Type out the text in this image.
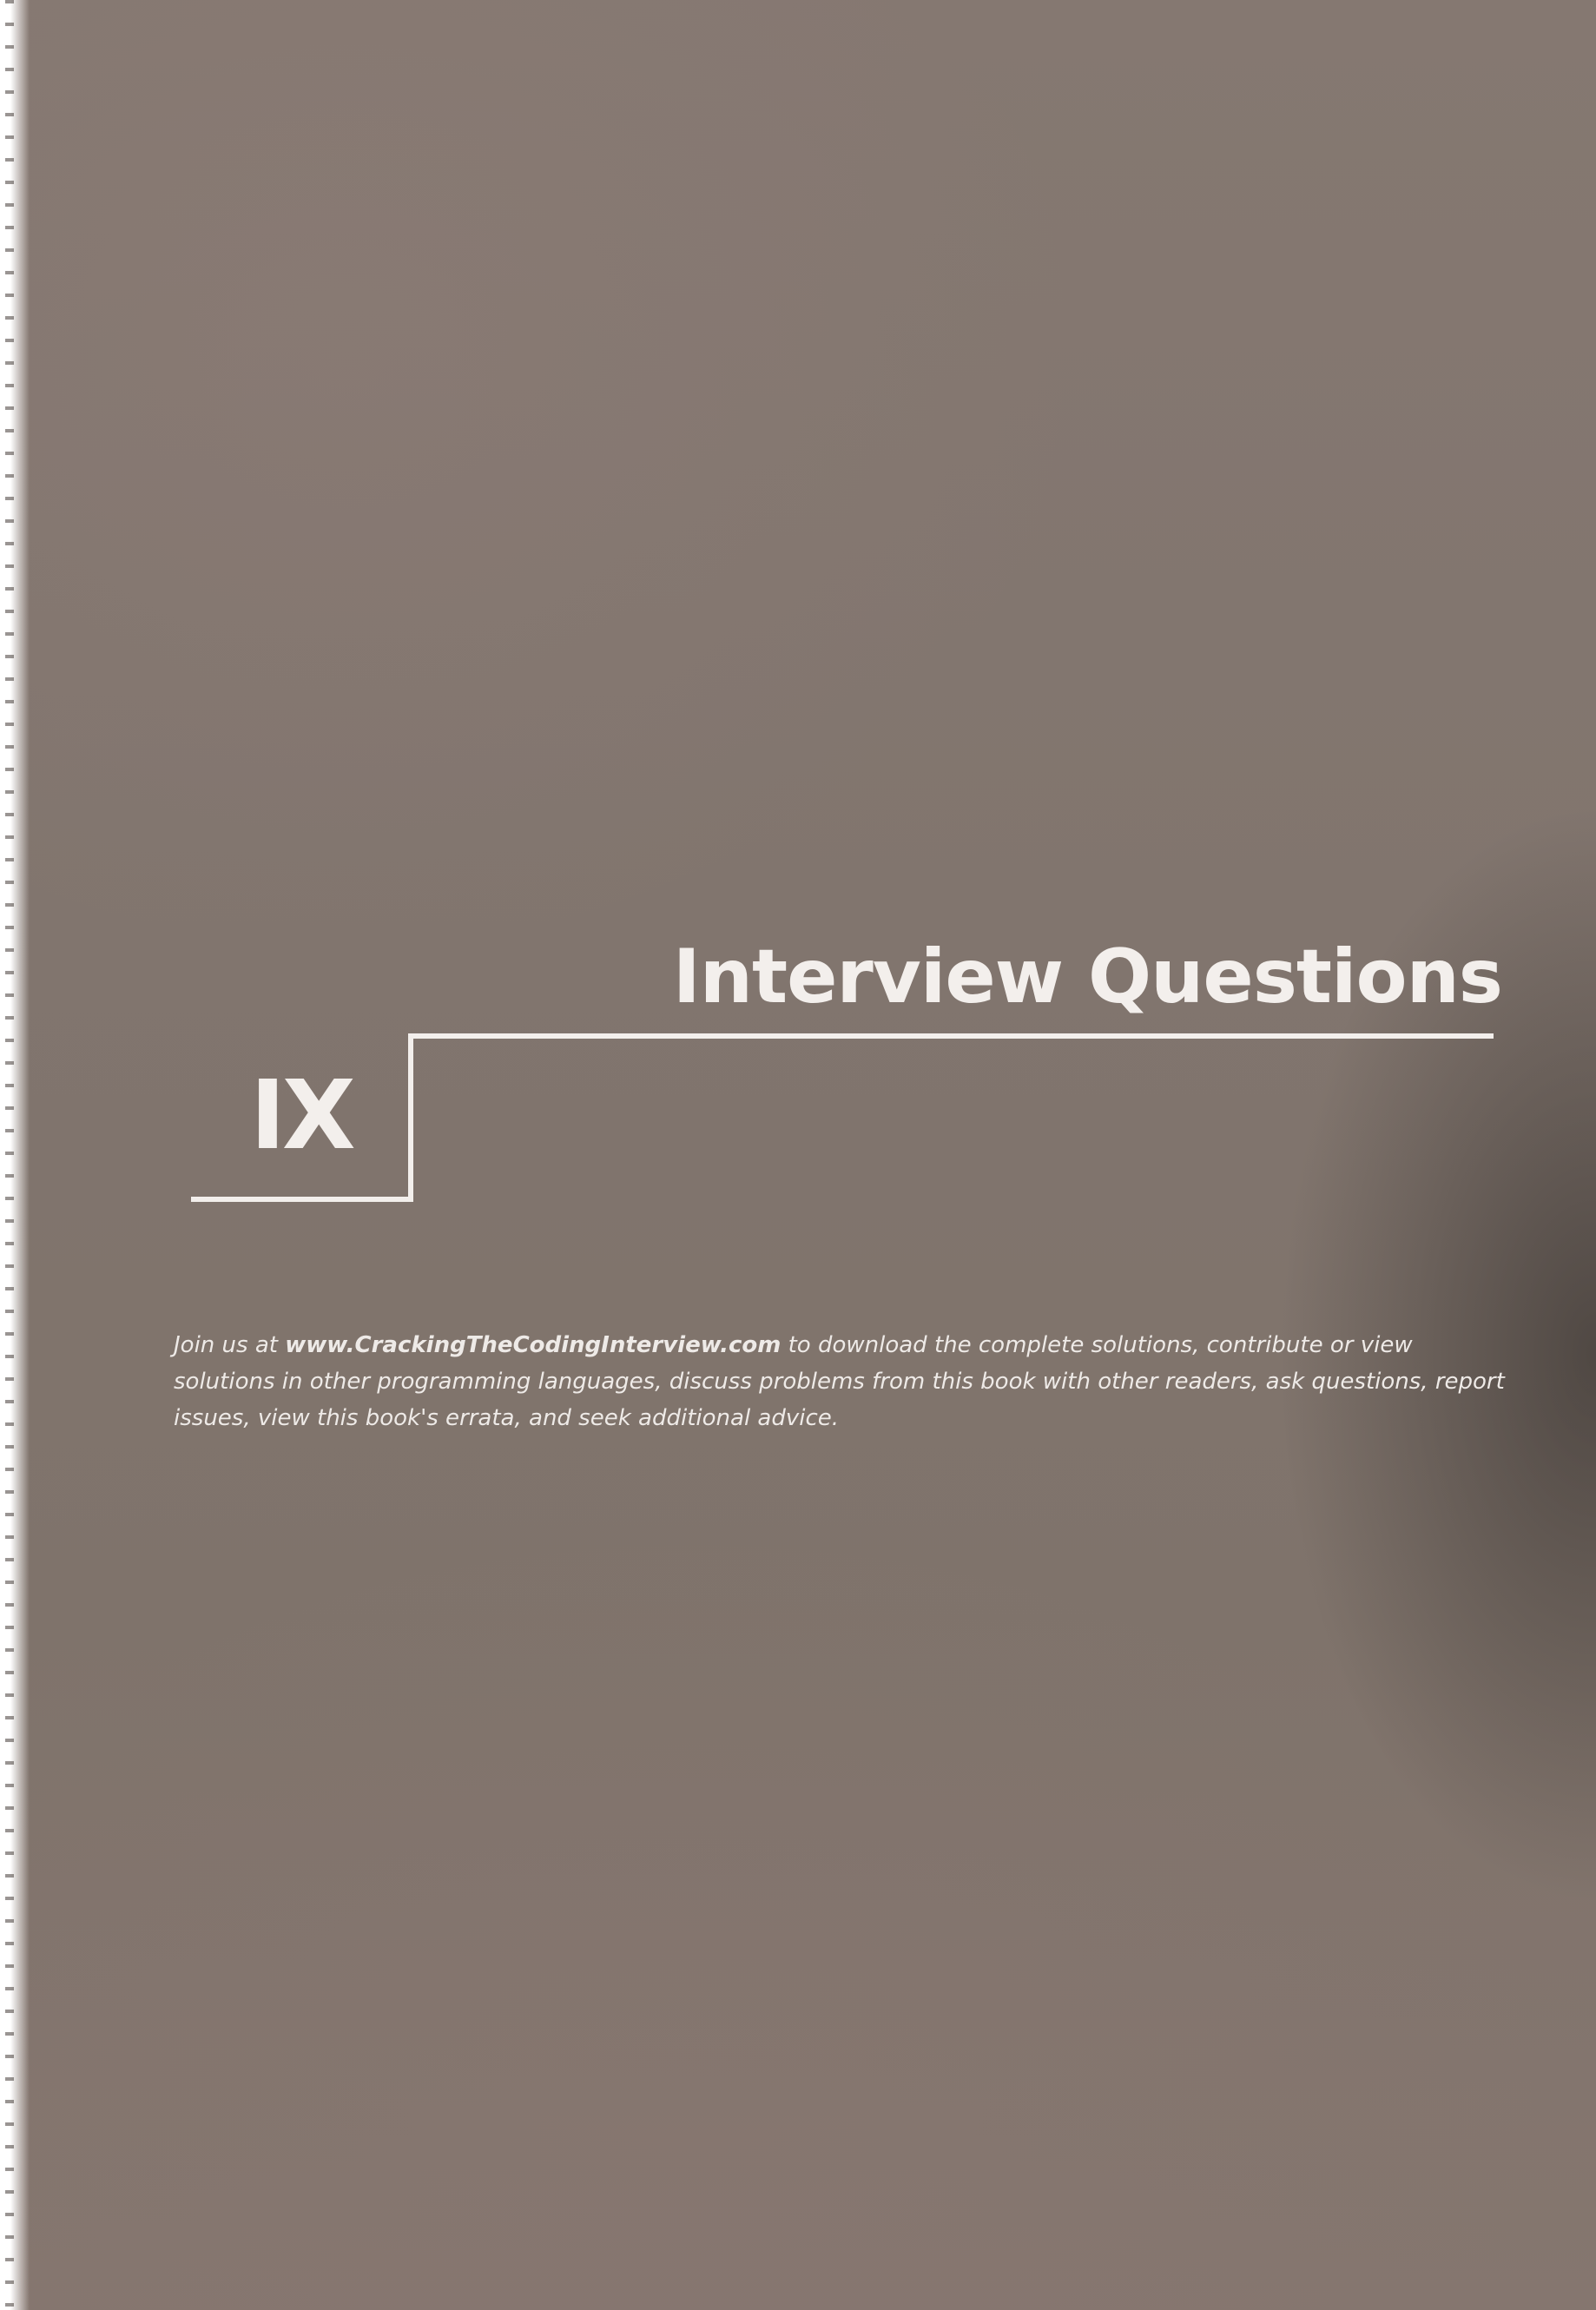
Interview Questions
IX

Join us at www.CrackingTheCodingInterview.com to download the complete solutions, contribute or view solutions in other programming languages, discuss problems from this book with other readers, ask questions, report issues, view this book's errata, and seek additional advice.
